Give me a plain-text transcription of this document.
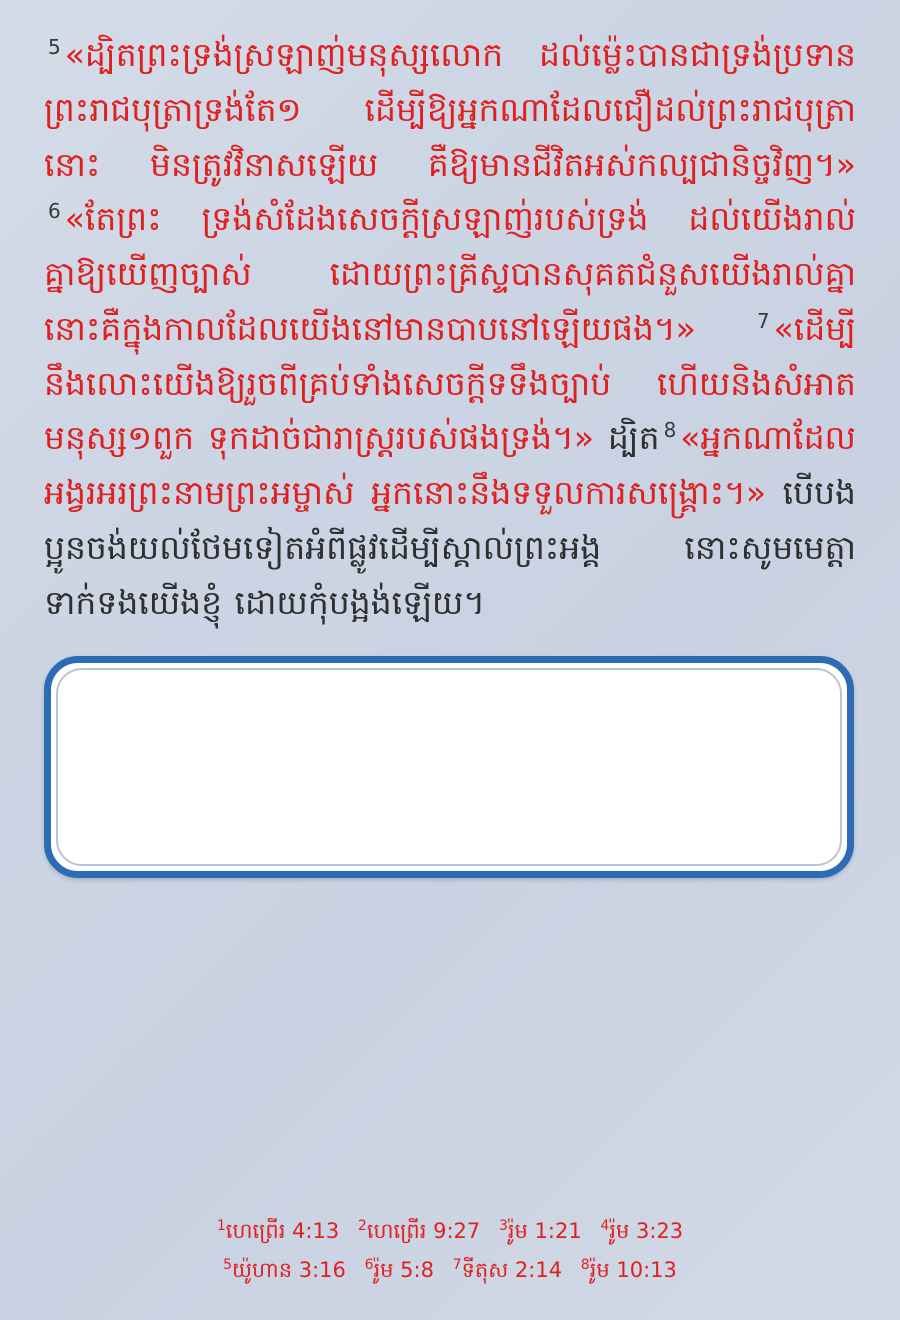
$^5$ «ដ្បិតព្រះទ្រង់ស្រឡាញ់មនុស្សលោក ដល់ម្ល៉េះបានជាទ្រង់ប្រទានព្រះរាជបុត្រាទ្រង់តែ១ ដើម្បីឱ្យអ្នកណាដែលជឿដល់ព្រះរាជបុត្រានោះ មិនត្រូវវិនាសឡើយ គឺឱ្យមានជីវិតអស់កល្បជានិច្ចវិញ។» $^6$ «តែព្រះ ទ្រង់សំដែងសេចក្ដីស្រឡាញ់របស់ទ្រង់ ដល់យើងរាល់គ្នាឱ្យយើញច្បាស់ ដោយព្រះគ្រីស្ទបានសុគតជំនួសយើងរាល់គ្នា នោះគឺក្នុងកាលដែលយើងនៅមានបាបនៅឡើយផង។»	$^7$ «ដើម្បីនឹងលោះយើងឱ្យរួចពីគ្រប់ទាំងសេចក្ដីទទឹងច្បាប់ ហើយនិងសំអាតមនុស្ស១ពួក ទុកដាច់ជារាស្ត្ររបស់ផងទ្រង់។» ដ្បិត $^8$ «អ្នកណាដែលអង្វរអរព្រះនាមព្រះអម្ចាស់ អ្នកនោះនឹងទទួលការសង្គ្រោះ។» បើបងប្អូនចង់យល់ថែមទៀតអំពីផ្លូវដើម្បីស្គាល់ព្រះអង្គ នោះសូមមេត្តាទាក់ទងយើងខ្ញុំ ដោយកុំបង្អង់ឡើយ។
$^1$ហេព្រើរ 4:13 $^2$ហេព្រើរ 9:27 $^3$រ៉ូម 1:21 $^4$រ៉ូម 3:23
$^5$យ៉ូហាន 3:16 $^6$រ៉ូម 5:8 $^7$ទីតុស 2:14 $^8$រ៉ូម 10:13
